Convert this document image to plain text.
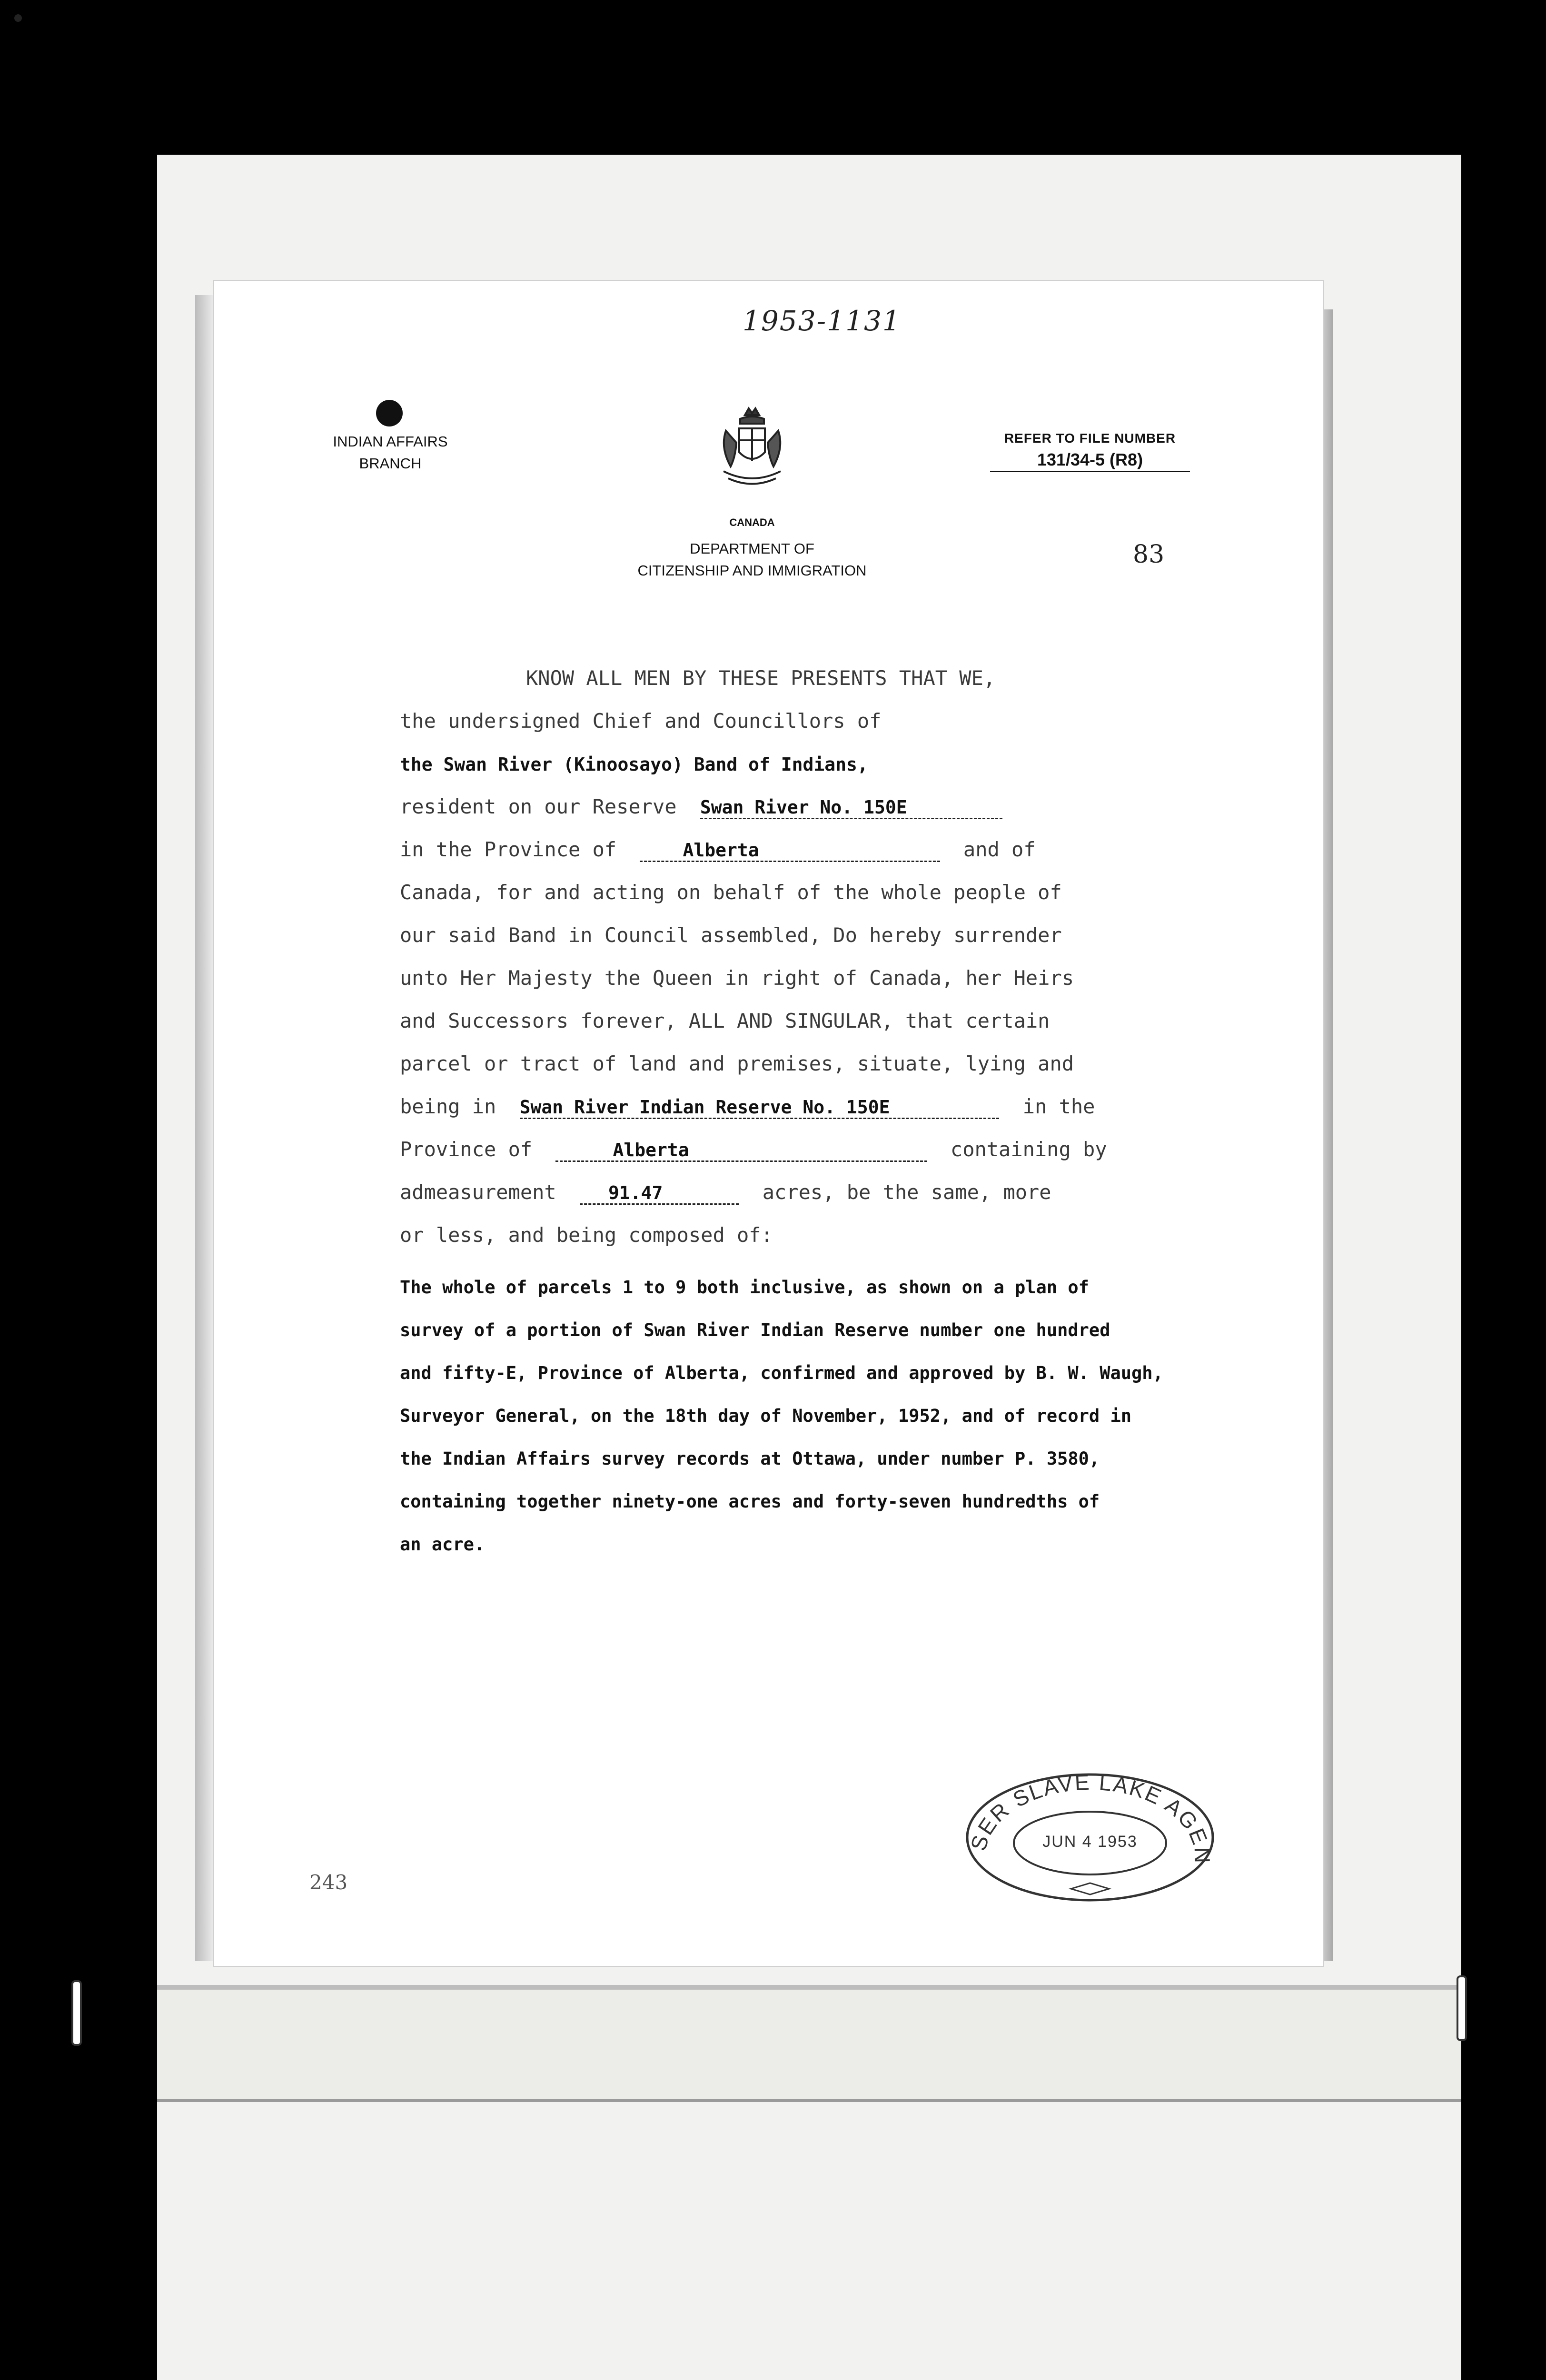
1953-1131
INDIAN AFFAIRS
BRANCH
CANADA
DEPARTMENT OF
CITIZENSHIP AND IMMIGRATION
REFER TO FILE NUMBER
131/34-5 (R8)
83
KNOW ALL MEN BY THESE PRESENTS THAT WE,
the undersigned Chief and Councillors of
the Swan River (Kinoosayo) Band of Indians,
resident on our Reserve Swan River No. 150E
in the Province of	Alberta	and of
Canada, for and acting on behalf of the whole people of
our said Band in Council assembled, Do hereby surrender
unto Her Majesty the Queen in right of Canada, her Heirs
and Successors forever, ALL AND SINGULAR, that certain
parcel or tract of land and premises, situate, lying and
being in Swan River Indian Reserve No. 150E	in the
Province of	Alberta	containing by
admeasurement	91.47	acres, be the same, more
or less, and being composed of:
The whole of parcels 1 to 9 both inclusive, as shown on a plan of
survey of a portion of Swan River Indian Reserve number one hundred
and fifty-E, Province of Alberta, confirmed and approved by B. W. Waugh,
Surveyor General, on the 18th day of November, 1952, and of record in
the Indian Affairs survey records at Ottawa, under number P. 3580,
containing together ninety-one acres and forty-seven hundredths of
an acre.
243
SER SLAVE LAKE AGEN
JUN 4 1953
